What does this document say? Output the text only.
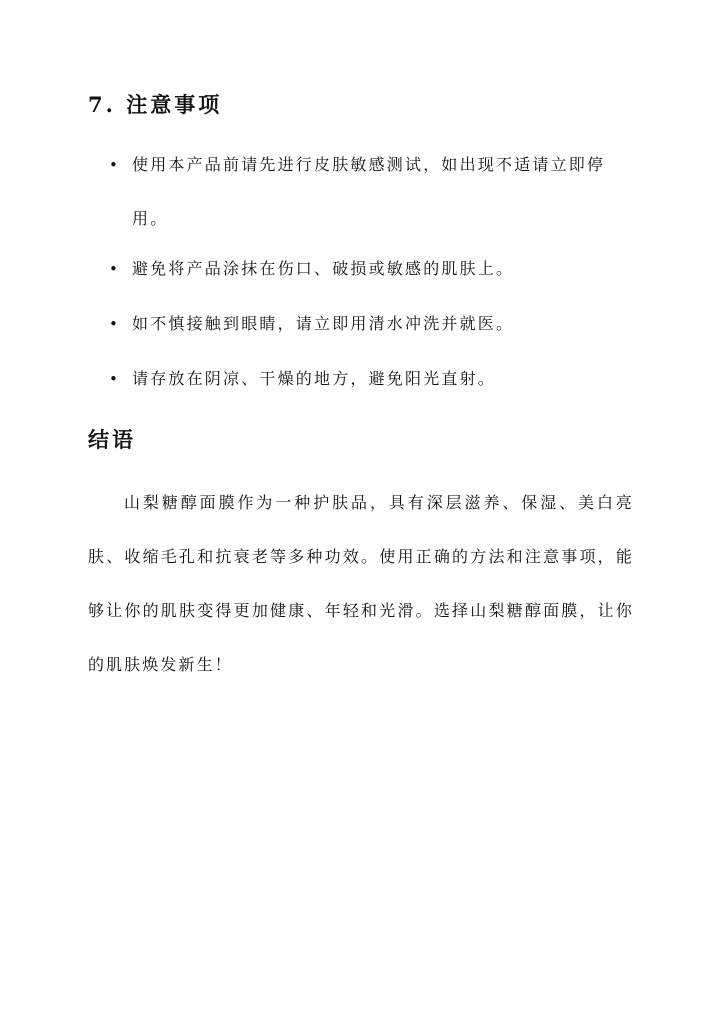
7. 注意事项
• 使用本产品前请先进行皮肤敏感测试，如出现不适请立即停用。
• 避免将产品涂抹在伤口、破损或敏感的肌肤上。
• 如不慎接触到眼睛，请立即用清水冲洗并就医。
• 请存放在阴凉、干燥的地方，避免阳光直射。
结语

山梨糖醇面膜作为一种护肤品，具有深层滋养、保湿、美白亮肤、收缩毛孔和抗衰老等多种功效。使用正确的方法和注意事项，能够让你的肌肤变得更加健康、年轻和光滑。选择山梨糖醇面膜，让你的肌肤焕发新生！
